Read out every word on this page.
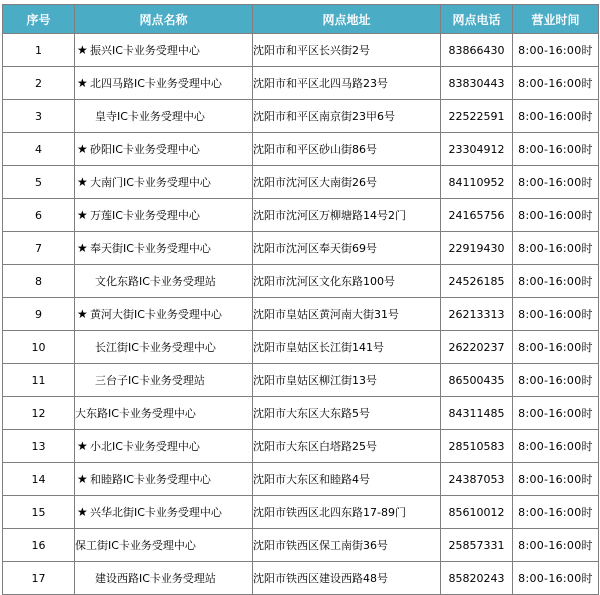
序号	网点名称	网点地址	网点电话	营业时间
1	★ 振兴IC卡业务受理中心	沈阳市和平区长兴街2号	83866430	8:00-16:00时
2	★ 北四马路IC卡业务受理中心	沈阳市和平区北四马路23号	83830443	8:00-16:00时
3	皇寺IC卡业务受理中心	沈阳市和平区南京街23甲6号	22522591	8:00-16:00时
4	★ 砂阳IC卡业务受理中心	沈阳市和平区砂山街86号	23304912	8:00-16:00时
5	★ 大南门IC卡业务受理中心	沈阳市沈河区大南街26号	84110952	8:00-16:00时
6	★ 万莲IC卡业务受理中心	沈阳市沈河区万柳塘路14号2门	24165756	8:00-16:00时
7	★ 奉天街IC卡业务受理中心	沈阳市沈河区奉天街69号	22919430	8:00-16:00时
8	文化东路IC卡业务受理站	沈阳市沈河区文化东路100号	24526185	8:00-16:00时
9	★ 黄河大街IC卡业务受理中心	沈阳市皇姑区黄河南大街31号	26213313	8:00-16:00时
10	长江街IC卡业务受理中心	沈阳市皇姑区长江街141号	26220237	8:00-16:00时
11	三台子IC卡业务受理站	沈阳市皇姑区柳江街13号	86500435	8:00-16:00时
12	大东路IC卡业务受理中心	沈阳市大东区大东路5号	84311485	8:00-16:00时
13	★ 小北IC卡业务受理中心	沈阳市大东区白塔路25号	28510583	8:00-16:00时
14	★ 和睦路IC卡业务受理中心	沈阳市大东区和睦路4号	24387053	8:00-16:00时
15	★ 兴华北街IC卡业务受理中心	沈阳市铁西区北四东路17-89门	85610012	8:00-16:00时
16	保工街IC卡业务受理中心	沈阳市铁西区保工南街36号	25857331	8:00-16:00时
17	建设西路IC卡业务受理站	沈阳市铁西区建设西路48号	85820243	8:00-16:00时
